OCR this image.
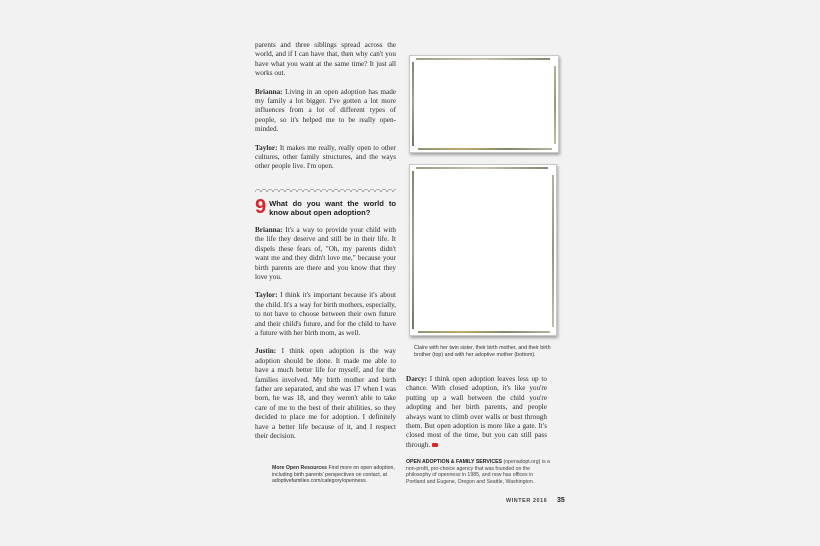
parents and three siblings spread across the world, and if I can have that, then why can't you have what you want at the same time? It just all works out.

Brianna: Living in an open adoption has made my family a lot bigger. I've gotten a lot more influences from a lot of different types of people, so it's helped me to be really open-minded.

Taylor: It makes me really, really open to other cultures, other family structures, and the ways other people live. I'm open.

9 What do you want the world to know about open adoption?

Brianna: It's a way to provide your child with the life they deserve and still be in their life. It dispels these fears of, "Oh, my parents didn't want me and they didn't love me," because your birth parents are there and you know that they love you.

Taylor: I think it's important because it's about the child. It's a way for birth mothers, especially, to not have to choose between their own future and their child's future, and for the child to have a future with her birth mom, as well.

Justin: I think open adoption is the way adoption should be done. It made me able to have a much better life for myself, and for the families involved. My birth mother and birth father are separated, and she was 17 when I was born, he was 18, and they weren't able to take care of me to the best of their abilities, so they decided to place me for adoption. I definitely have a better life because of it, and I respect their decision.

More Open Resources Find more on open adoption, including birth parents' perspectives on contact, at adoptivefamilies.com/category/openness.
Claire with her twin sister, their birth mother, and their birth brother (top) and with her adoptive mother (bottom).

Darcy: I think open adoption leaves less up to chance. With closed adoption, it's like you're putting up a wall between the child you're adopting and her birth parents, and people always want to climb over walls or bust through them. But open adoption is more like a gate. It's closed most of the time, but you can still pass through.

OPEN ADOPTION & FAMILY SERVICES (openadopt.org) is a non-profit, pro-choice agency that was founded on the philosophy of openness in 1985, and now has offices in Portland and Eugene, Oregon and Seattle, Washington.
WINTER 2016 35
